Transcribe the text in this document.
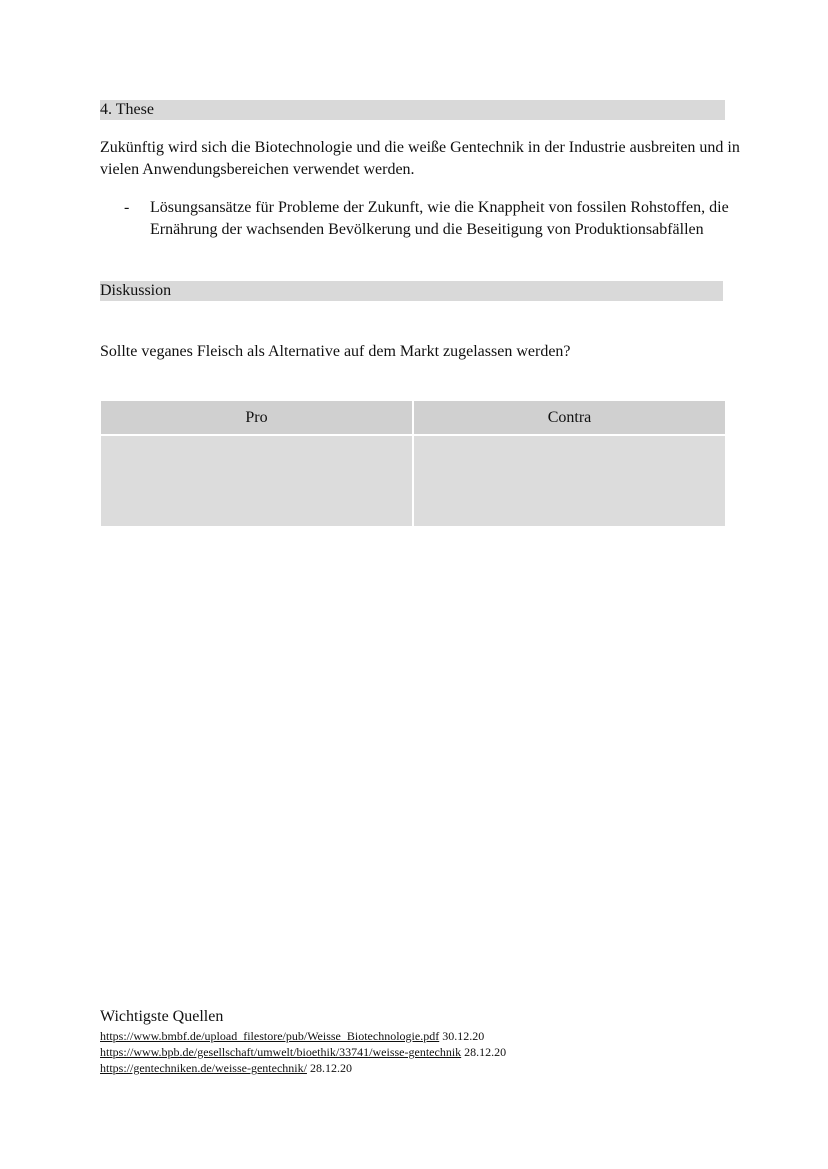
4. These
Zukünftig wird sich die Biotechnologie und die weiße Gentechnik in der Industrie ausbreiten und in vielen Anwendungsbereichen verwendet werden.
- Lösungsansätze für Probleme der Zukunft, wie die Knappheit von fossilen Rohstoffen, die Ernährung der wachsenden Bevölkerung und die Beseitigung von Produktionsabfällen
Diskussion
Sollte veganes Fleisch als Alternative auf dem Markt zugelassen werden?
Pro	Contra

Wichtigste Quellen
https://www.bmbf.de/upload_filestore/pub/Weisse_Biotechnologie.pdf 30.12.20
https://www.bpb.de/gesellschaft/umwelt/bioethik/33741/weisse-gentechnik 28.12.20
https://gentechniken.de/weisse-gentechnik/ 28.12.20
